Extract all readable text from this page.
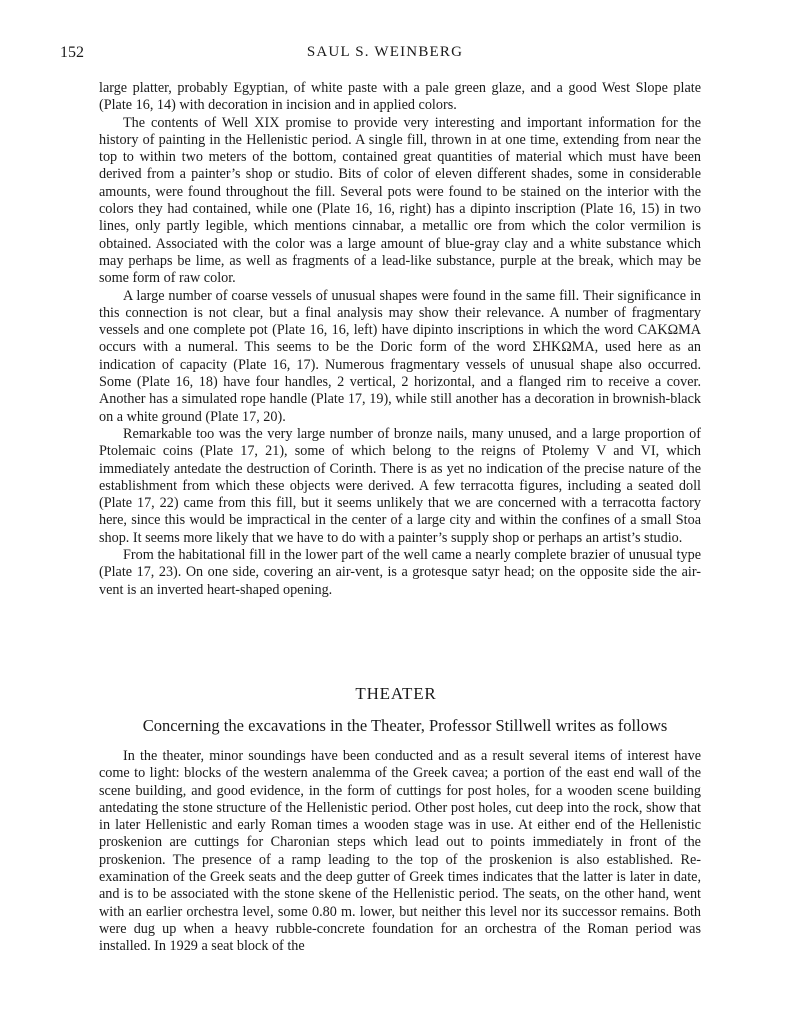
152	SAUL S. WEINBERG

large platter, probably Egyptian, of white paste with a pale green glaze, and a good West Slope plate (Plate 16, 14) with decoration in incision and in applied colors.

The contents of Well XIX promise to provide very interesting and important information for the history of painting in the Hellenistic period. A single fill, thrown in at one time, extending from near the top to within two meters of the bottom, contained great quantities of material which must have been derived from a painter’s shop or studio. Bits of color of eleven different shades, some in considerable amounts, were found throughout the fill. Several pots were found to be stained on the interior with the colors they had contained, while one (Plate 16, 16, right) has a dipinto inscription (Plate 16, 15) in two lines, only partly legible, which mentions cinnabar, a metallic ore from which the color vermilion is obtained. Associated with the color was a large amount of blue-gray clay and a white substance which may perhaps be lime, as well as fragments of a lead-like substance, purple at the break, which may be some form of raw color.

A large number of coarse vessels of unusual shapes were found in the same fill. Their significance in this connection is not clear, but a final analysis may show their relevance. A number of fragmentary vessels and one complete pot (Plate 16, 16, left) have dipinto inscriptions in which the word CAKΩMA occurs with a numeral. This seems to be the Doric form of the word ΣΗΚΩΜΑ, used here as an indication of capacity (Plate 16, 17). Numerous fragmentary vessels of unusual shape also occurred. Some (Plate 16, 18) have four handles, 2 vertical, 2 horizontal, and a flanged rim to receive a cover. Another has a simulated rope handle (Plate 17, 19), while still another has a decoration in brownish-black on a white ground (Plate 17, 20).

Remarkable too was the very large number of bronze nails, many unused, and a large proportion of Ptolemaic coins (Plate 17, 21), some of which belong to the reigns of Ptolemy V and VI, which immediately antedate the destruction of Corinth. There is as yet no indication of the precise nature of the establishment from which these objects were derived. A few terracotta figures, including a seated doll (Plate 17, 22) came from this fill, but it seems unlikely that we are concerned with a terracotta factory here, since this would be impractical in the center of a large city and within the confines of a small Stoa shop. It seems more likely that we have to do with a painter’s supply shop or perhaps an artist’s studio.

From the habitational fill in the lower part of the well came a nearly complete brazier of unusual type (Plate 17, 23). On one side, covering an air-vent, is a grotesque satyr head; on the opposite side the air-vent is an inverted heart-shaped opening.

THEATER
Concerning the excavations in the Theater, Professor Stillwell writes as follows

In the theater, minor soundings have been conducted and as a result several items of interest have come to light: blocks of the western analemma of the Greek cavea; a portion of the east end wall of the scene building, and good evidence, in the form of cuttings for post holes, for a wooden scene building antedating the stone structure of the Hellenistic period. Other post holes, cut deep into the rock, show that in later Hellenistic and early Roman times a wooden stage was in use. At either end of the Hellenistic proskenion are cuttings for Charonian steps which lead out to points immediately in front of the proskenion. The presence of a ramp leading to the top of the proskenion is also established. Re-examination of the Greek seats and the deep gutter of Greek times indicates that the latter is later in date, and is to be associated with the stone skene of the Hellenistic period. The seats, on the other hand, went with an earlier orchestra level, some 0.80 m. lower, but neither this level nor its successor remains. Both were dug up when a heavy rubble-concrete foundation for an orchestra of the Roman period was installed. In 1929 a seat block of the
